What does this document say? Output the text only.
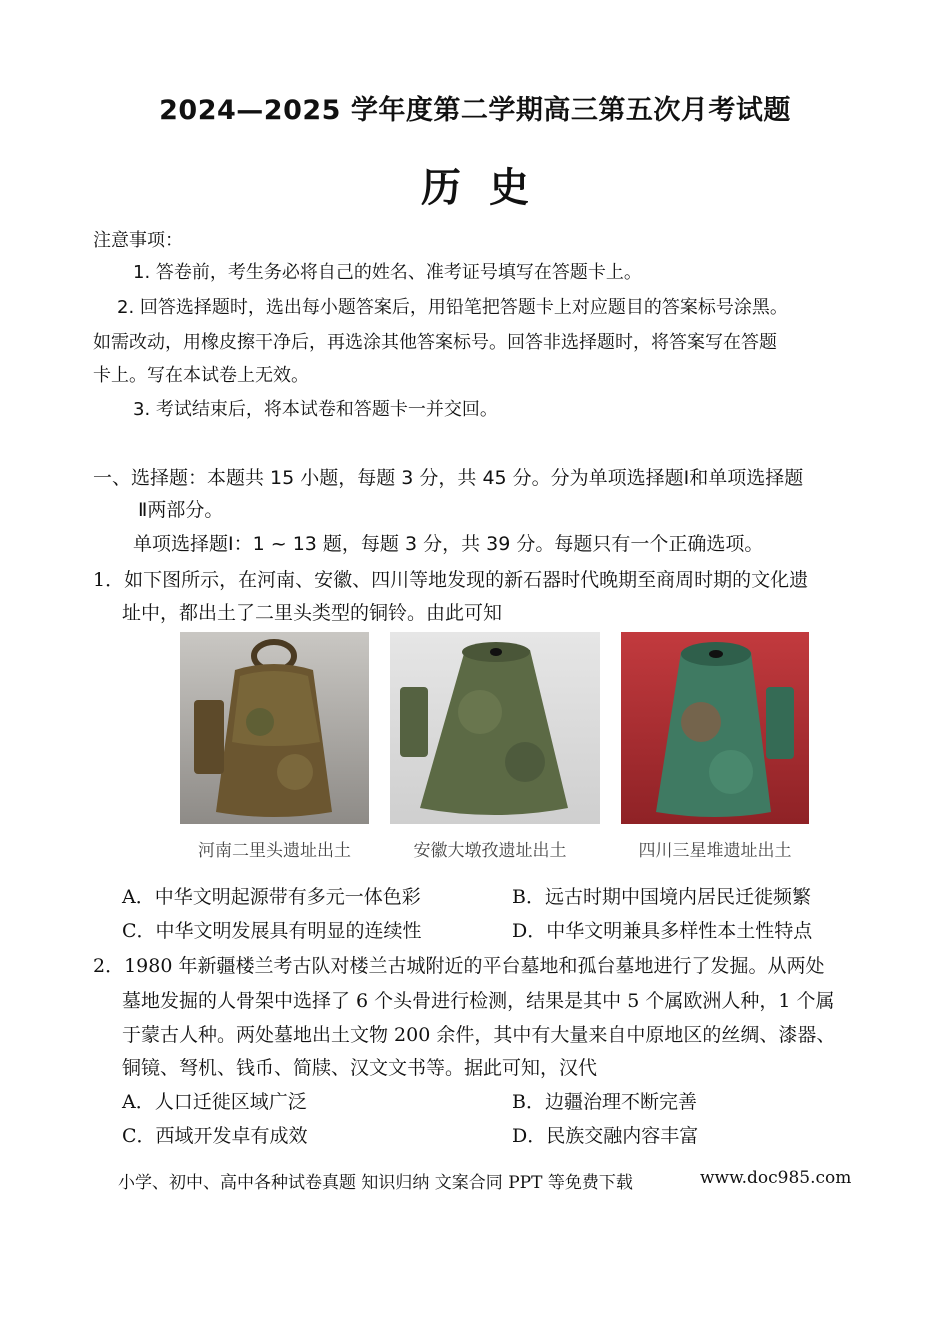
2024—2025 学年度第二学期高三第五次月考试题
历史
注意事项：
1. 答卷前，考生务必将自己的姓名、准考证号填写在答题卡上。
2. 回答选择题时，选出每小题答案后，用铅笔把答题卡上对应题目的答案标号涂黑。
如需改动，用橡皮擦干净后，再选涂其他答案标号。回答非选择题时，将答案写在答题
卡上。写在本试卷上无效。
3. 考试结束后，将本试卷和答题卡一并交回。
一、选择题：本题共 15 小题，每题 3 分，共 45 分。分为单项选择题Ⅰ和单项选择题
Ⅱ两部分。
单项选择题Ⅰ：1 ~ 13 题，每题 3 分，共 39 分。每题只有一个正确选项。
1．如下图所示，在河南、安徽、四川等地发现的新石器时代晚期至商周时期的文化遗
址中，都出土了二里头类型的铜铃。由此可知
河南二里头遗址出土	安徽大墩孜遗址出土	四川三星堆遗址出土
A．中华文明起源带有多元一体色彩	B．远古时期中国境内居民迁徙频繁
C．中华文明发展具有明显的连续性	D．中华文明兼具多样性本土性特点
2．1980 年新疆楼兰考古队对楼兰古城附近的平台墓地和孤台墓地进行了发掘。从两处
墓地发掘的人骨架中选择了 6 个头骨进行检测，结果是其中 5 个属欧洲人种，1 个属
于蒙古人种。两处墓地出土文物 200 余件，其中有大量来自中原地区的丝绸、漆器、
铜镜、弩机、钱币、简牍、汉文文书等。据此可知，汉代
A．人口迁徙区域广泛	B．边疆治理不断完善
C．西域开发卓有成效	D．民族交融内容丰富
小学、初中、高中各种试卷真题 知识归纳 文案合同 PPT 等免费下载	www.doc985.com
